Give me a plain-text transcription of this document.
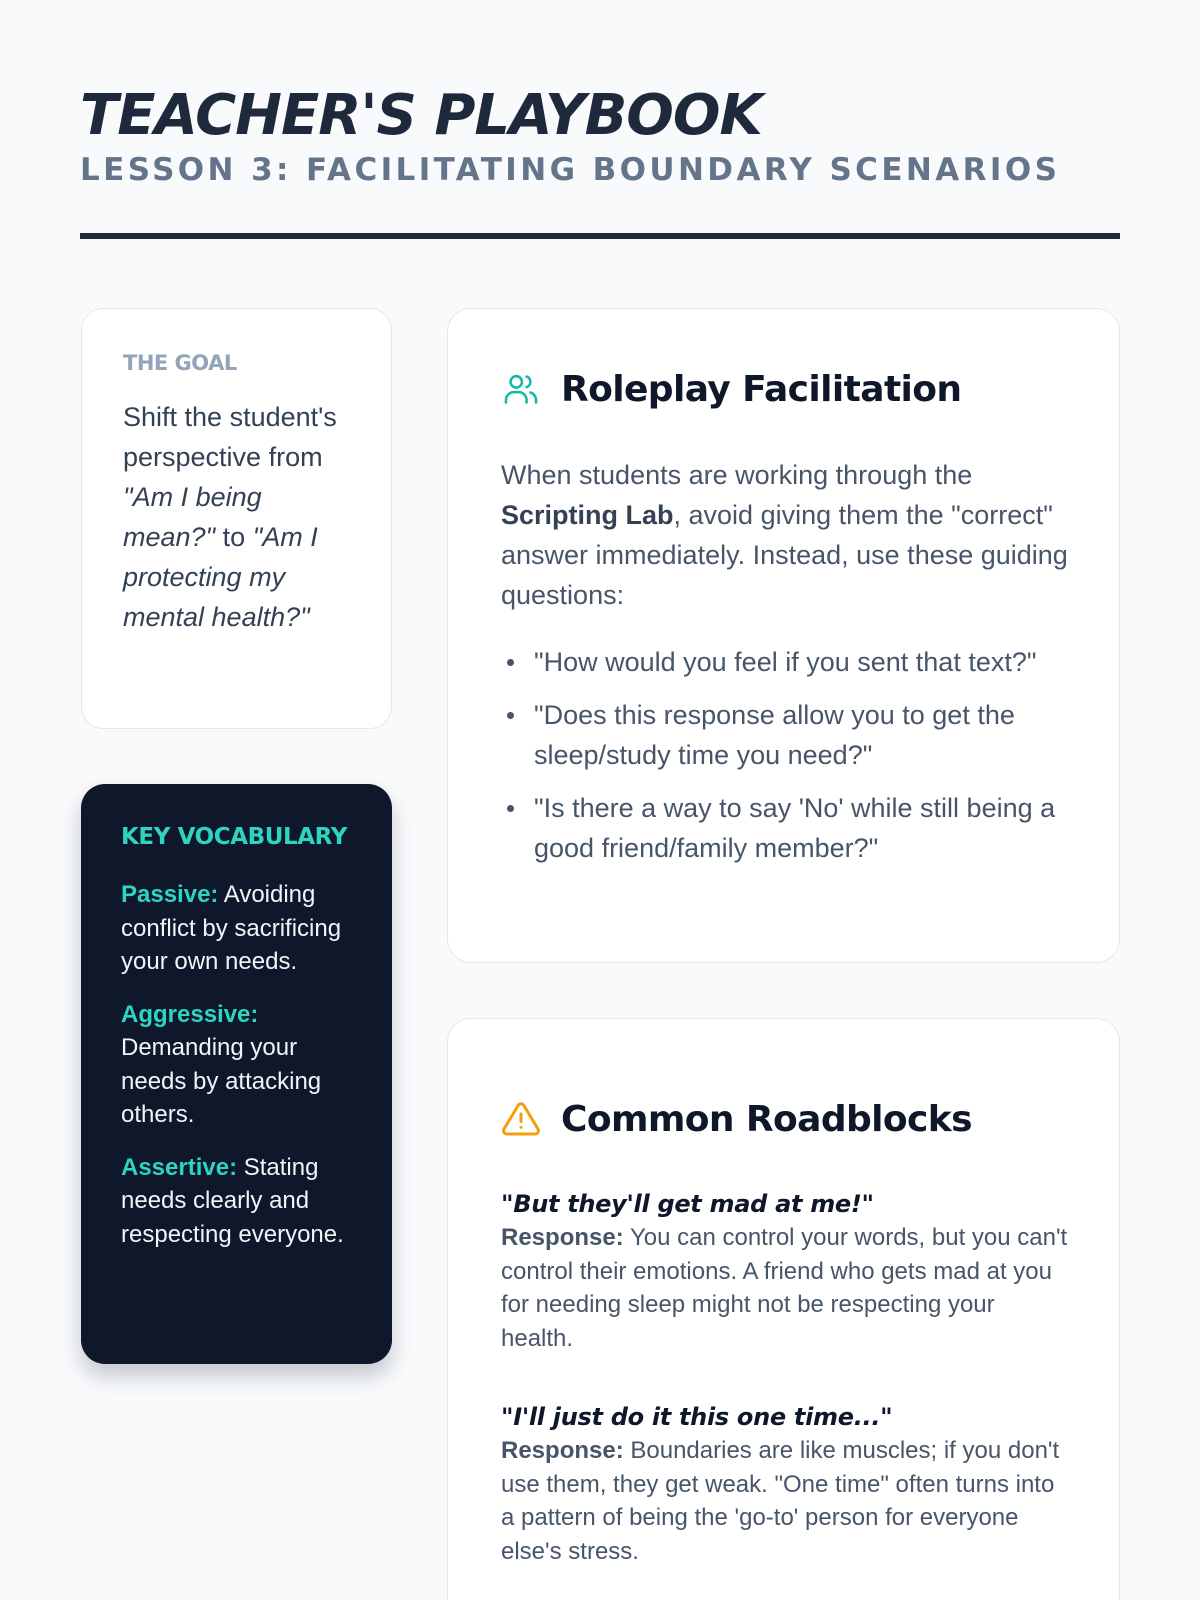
TEACHER'S PLAYBOOK
LESSON 3: FACILITATING BOUNDARY SCENARIOS
THE GOAL

Shift the student's perspective from "Am I being mean?" to "Am I protecting my mental health?"

KEY VOCABULARY

Passive: Avoiding conflict by sacrificing your own needs.

Aggressive: Demanding your needs by attacking others.

Assertive: Stating needs clearly and respecting everyone.

Roleplay Facilitation

When students are working through the Scripting Lab, avoid giving them the "correct" answer immediately. Instead, use these guiding questions:

"How would you feel if you sent that text?"
"Does this response allow you to get the sleep/study time you need?"
"Is there a way to say 'No' while still being a good friend/family member?"
Common Roadblocks
"But they'll get mad at me!"

Response: You can control your words, but you can't control their emotions. A friend who gets mad at you for needing sleep might not be respecting your health.

"I'll just do it this one time..."

Response: Boundaries are like muscles; if you don't use them, they get weak. "One time" often turns into a pattern of being the 'go-to' person for everyone else's stress.
